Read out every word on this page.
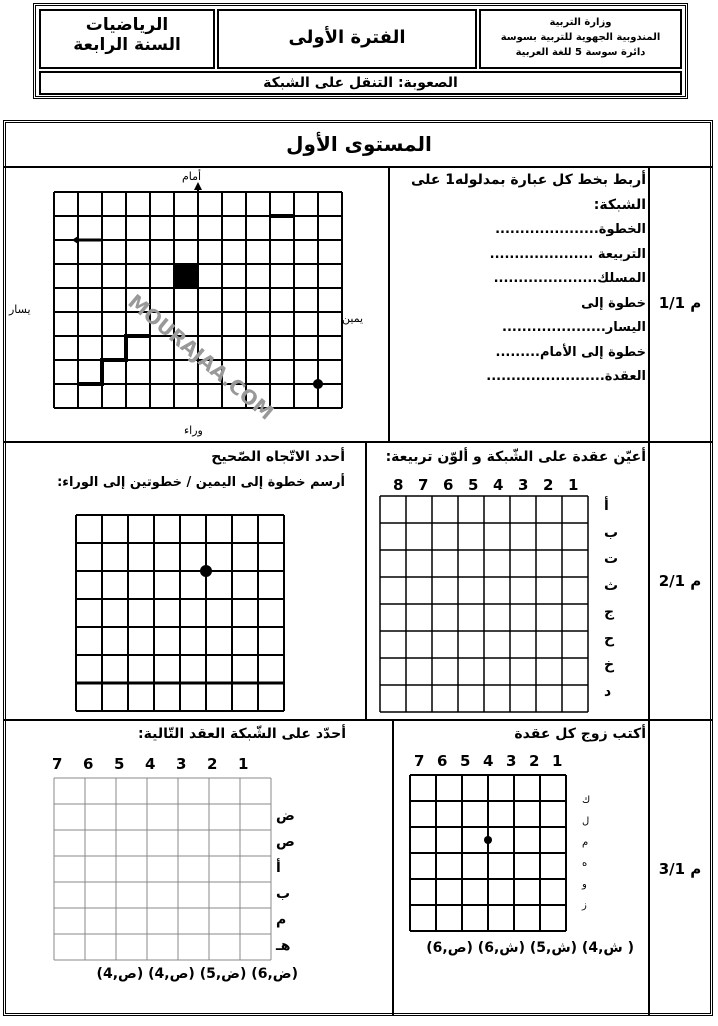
الرياضيات
السنة الرابعة	الفترة الأولى
وزارة التربية
المندوبية الجهوية للتربية بسوسة
دائرة سوسة 5 للغة العربية
الصعوبة: التنقل على الشبكة
المستوى الأول
م 1/1
م 2/1
م 3/1
أربط بخط كل عبارة بمدلوله1 على
الشبكة:
الخطوة.....................
التربيعة .....................
المسلك.....................
خطوة إلى
اليسار.....................
خطوة إلى الأمام.........
العقدة........................
أمام
وراء
يمين
يسار
أعيّن عقدة على الشّبكة و ألوّن تربيعة:
1
2
3
4
5
6
7
8
أ
ب
ت
ث
ج
ح
خ
د
أحدد الاتّجاه الصّحيح
أرسم خطوة إلى اليمين / خطوتين إلى الوراء:
أكتب زوج كل عقدة
1
2
3
4
5
6
7
ك
ل
م
ه
و
ز
( ش,4) (ش,5) (ش,6) (ص,6)
أحدّد على الشّبكة العقد التّالية:
1
2
3
4
5
6
7
ض
ص
أ
ب
م
هـ
(ض,6) (ض,5) (ص,4) (ص,4)
MOURAJAA.COM
